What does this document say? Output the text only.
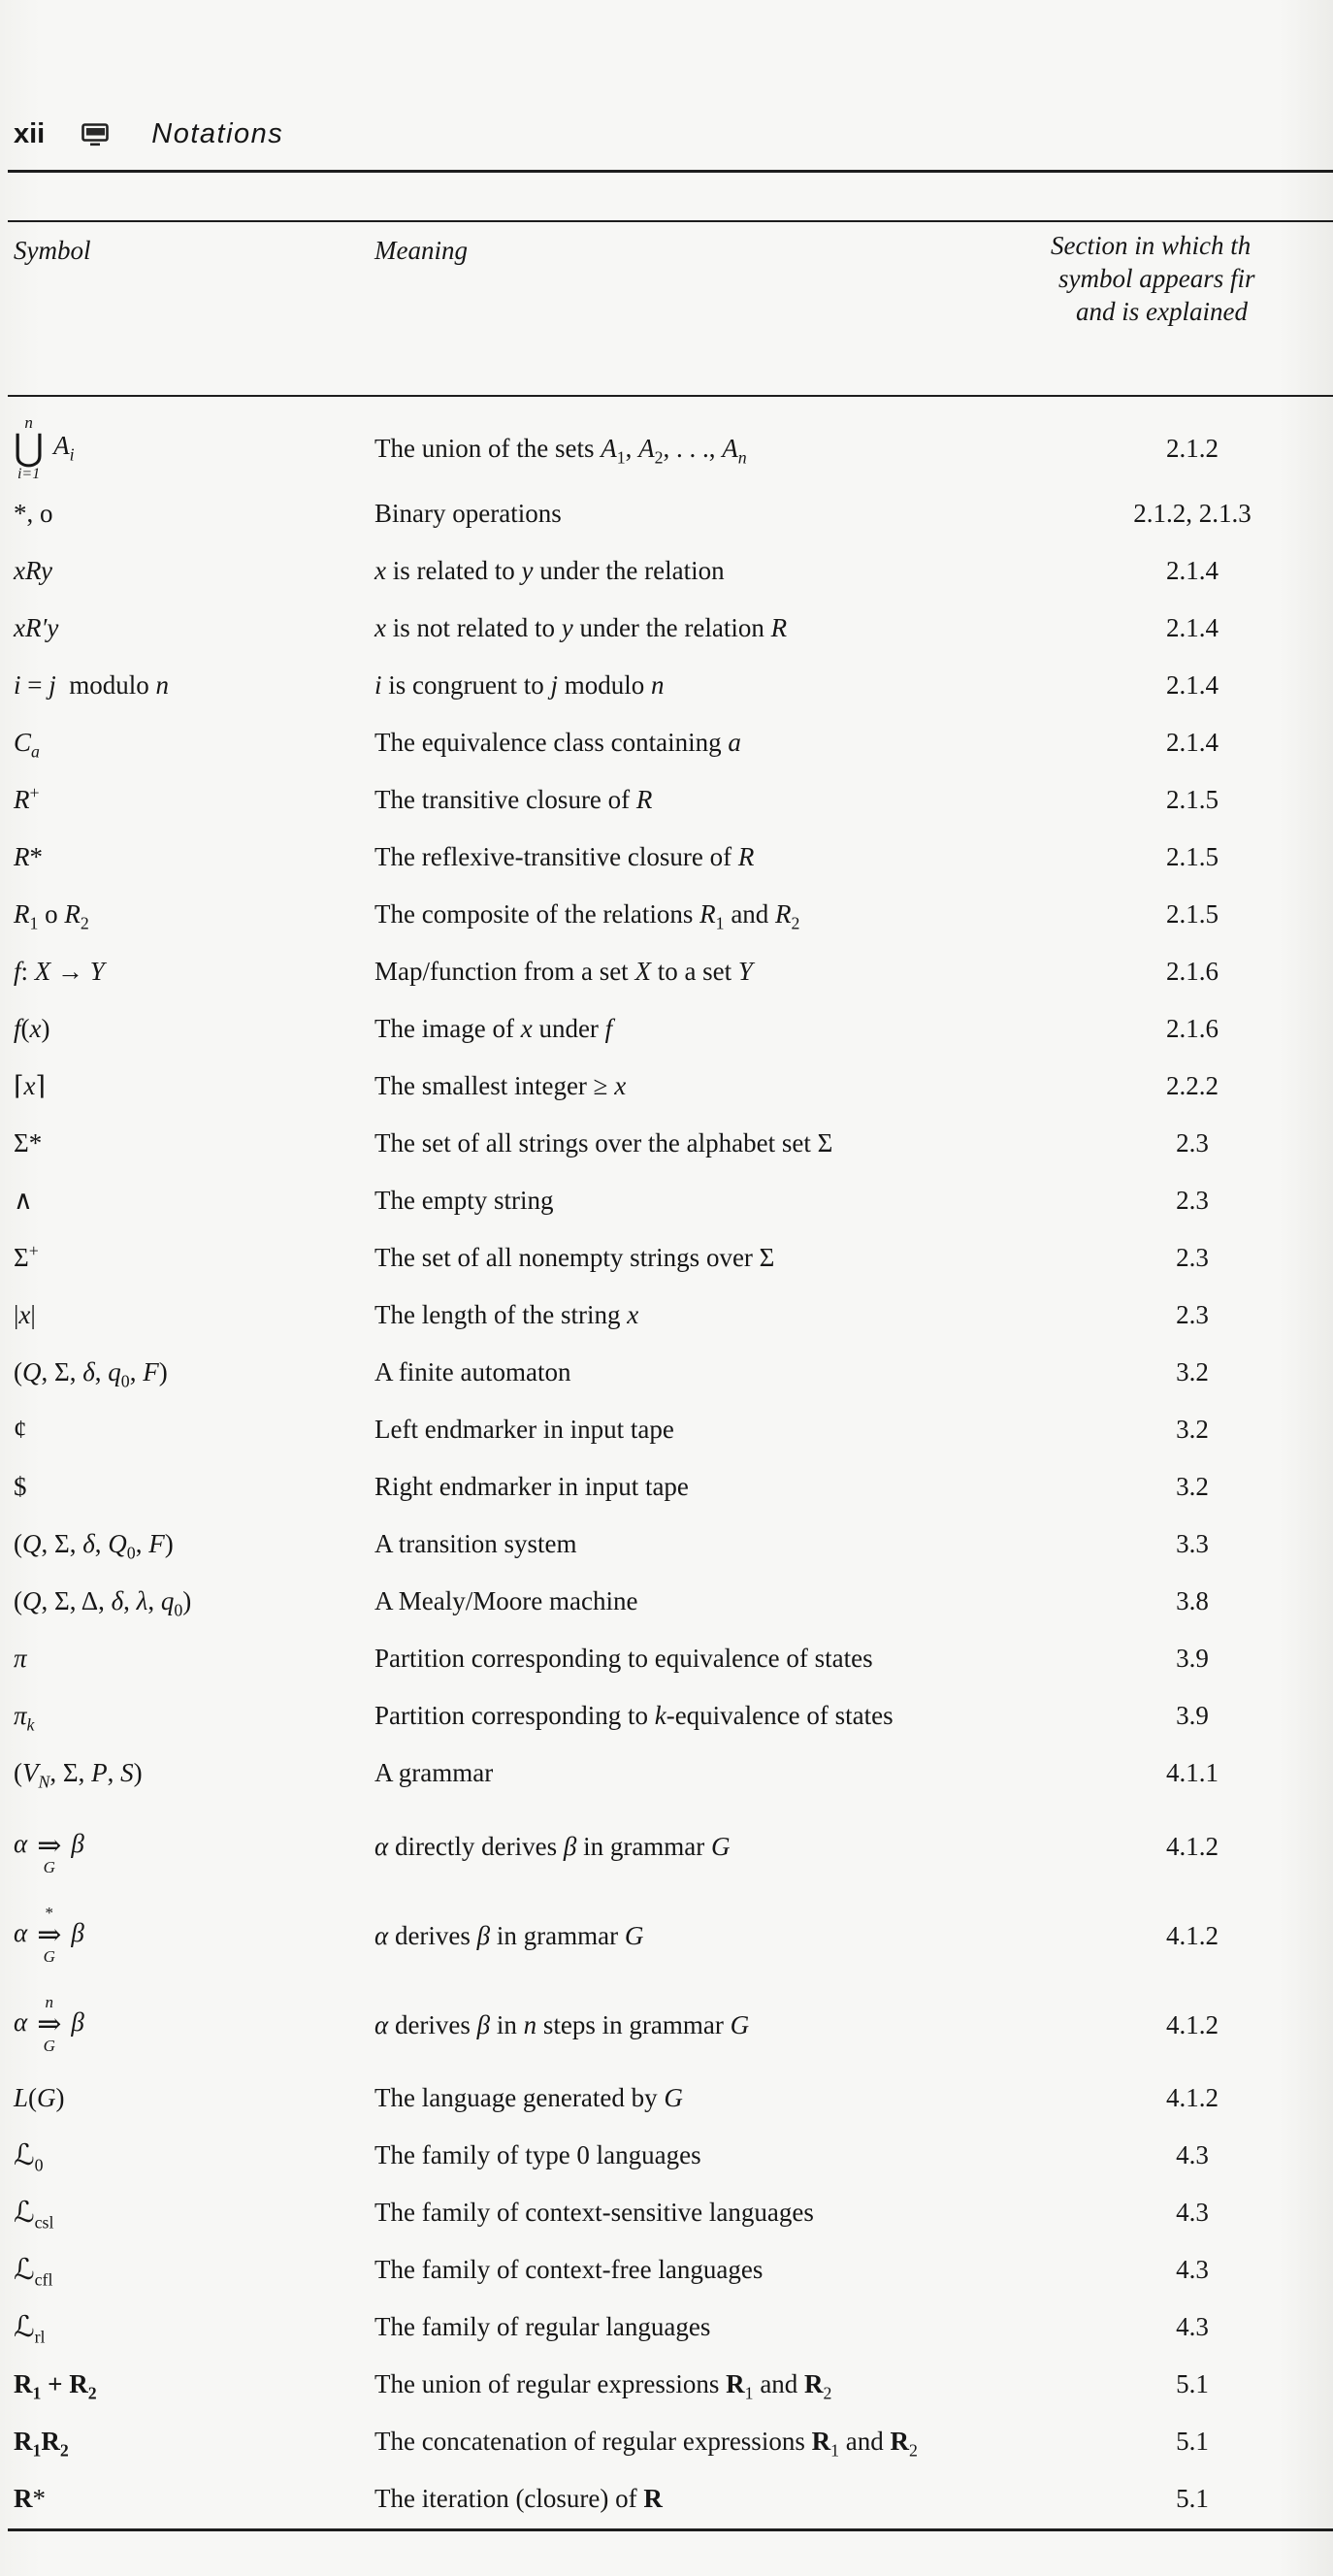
xii	Notations
Symbol	Meaning	Section in which th
symbol appears fir
and is explained
n
⋃
i=1
$A_i$	The union of the sets $A_1$, $A_2$, . . ., $A_n$	2.1.2
*, o	Binary operations	2.1.2, 2.1.3
xRy	x is related to y under the relation	2.1.4
xR′y	x is not related to y under the relation R	2.1.4
i = j  modulo n	i is congruent to j modulo n	2.1.4
$C_a$	The equivalence class containing a	2.1.4
R+	The transitive closure of R	2.1.5
R*	The reflexive-transitive closure of R	2.1.5
$R_1$ o $R_2$	The composite of the relations $R_1$ and $R_2$	2.1.5
f: X → Y	Map/function from a set X to a set Y	2.1.6
f(x)	The image of x under f	2.1.6
⌈x⌉	The smallest integer ≥ x	2.2.2
Σ*	The set of all strings over the alphabet set Σ	2.3
∧	The empty string	2.3
Σ+	The set of all nonempty strings over Σ	2.3
|x|	The length of the string x	2.3
(Q, Σ, δ, $q_0$, F)	A finite automaton	3.2
¢	Left endmarker in input tape	3.2
$	Right endmarker in input tape	3.2
(Q, Σ, δ, $Q_0$, F)	A transition system	3.3
(Q, Σ, Δ, δ, λ, $q_0$)	A Mealy/Moore machine	3.8
π	Partition corresponding to equivalence of states	3.9
$\pi_k$	Partition corresponding to k-equivalence of states	3.9
($V_N$, Σ, P, S)	A grammar	4.1.1
α
⇒
G
β	α directly derives β in grammar G	4.1.2
α
*
⇒
G
β	α derives β in grammar G	4.1.2
α
n
⇒
G
β	α derives β in n steps in grammar G	4.1.2
L(G)	The language generated by G	4.1.2
ℒ$_0$	The family of type 0 languages	4.3
ℒ$_{csl}$	The family of context-sensitive languages	4.3
ℒ$_{cfl}$	The family of context-free languages	4.3
ℒ$_{rl}$	The family of regular languages	4.3
$R_1 + R_2$	The union of regular expressions $R_1$ and $R_2$	5.1
$R_1R_2$	The concatenation of regular expressions $R_1$ and $R_2$	5.1
R*	The iteration (closure) of R	5.1
